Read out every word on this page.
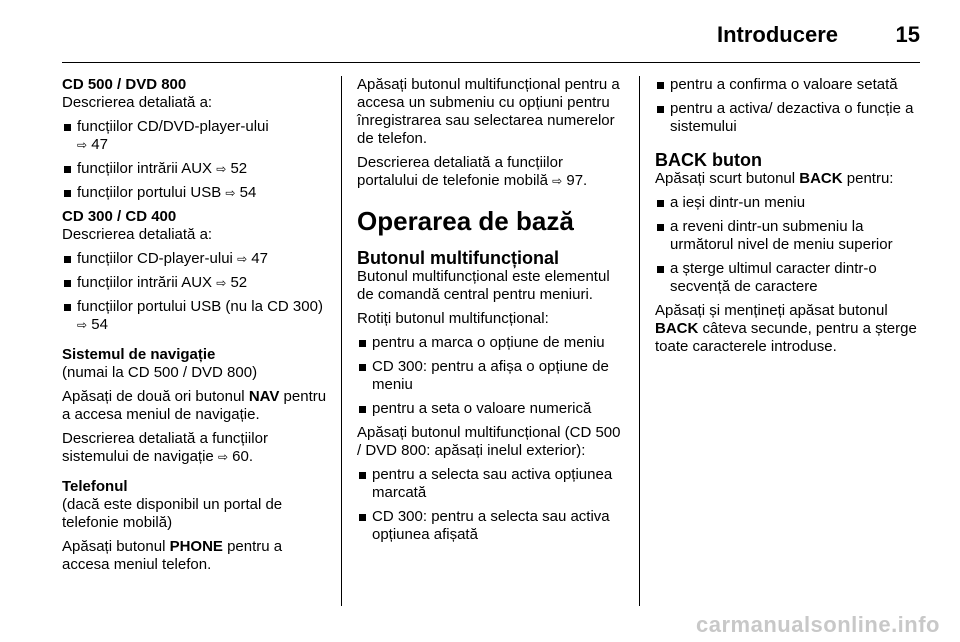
Introducere	15
CD 500 / DVD 800
Descrierea detaliată a:
funcțiilor CD/DVD-player-ului
⇨ 47
funcțiilor intrării AUX ⇨ 52
funcțiilor portului USB ⇨ 54
CD 300 / CD 400
Descrierea detaliată a:
funcțiilor CD-player-ului ⇨ 47
funcțiilor intrării AUX ⇨ 52
funcțiilor portului USB (nu la CD 300) ⇨ 54
Sistemul de navigație
(numai la CD 500 / DVD 800)
Apăsați de două ori butonul NAV pentru a accesa meniul de navigație.
Descrierea detaliată a funcțiilor sistemului de navigație ⇨ 60.
Telefonul
(dacă este disponibil un portal de telefonie mobilă)
Apăsați butonul PHONE pentru a accesa meniul telefon.
Apăsați butonul multifuncțional pentru a accesa un submeniu cu opțiuni pentru înregistrarea sau selectarea numerelor de telefon.
Descrierea detaliată a funcțiilor portalului de telefonie mobilă ⇨ 97.
Operarea de bază
Butonul multifuncțional
Butonul multifuncțional este elementul de comandă central pentru meniuri.
Rotiți butonul multifuncțional:
pentru a marca o opțiune de meniu
CD 300: pentru a afișa o opțiune de meniu
pentru a seta o valoare numerică
Apăsați butonul multifuncțional (CD 500 / DVD 800: apăsați inelul exterior):
pentru a selecta sau activa opțiunea marcată
CD 300: pentru a selecta sau activa opțiunea afișată
pentru a confirma o valoare setată
pentru a activa/ dezactiva o funcție a sistemului
BACK buton
Apăsați scurt butonul BACK pentru:
a ieși dintr-un meniu
a reveni dintr-un submeniu la următorul nivel de meniu superior
a șterge ultimul caracter dintr-o secvență de caractere
Apăsați și mențineți apăsat butonul BACK câteva secunde, pentru a șterge toate caracterele introduse.
carmanualsonline.info
